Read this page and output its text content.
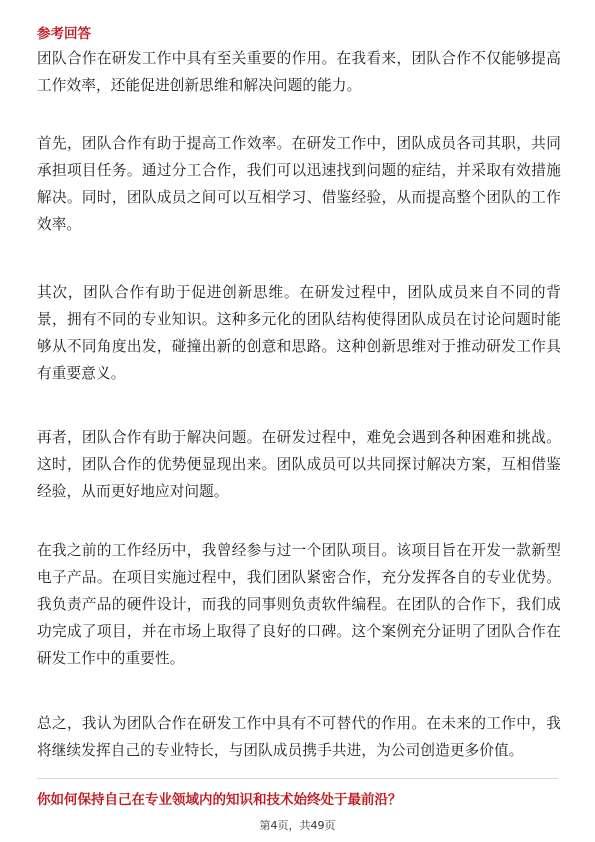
参考回答
团队合作在研发工作中具有至关重要的作用。在我看来，团队合作不仅能够提高工作效率，还能促进创新思维和解决问题的能力。
首先，团队合作有助于提高工作效率。在研发工作中，团队成员各司其职，共同承担项目任务。通过分工合作，我们可以迅速找到问题的症结，并采取有效措施解决。同时，团队成员之间可以互相学习、借鉴经验，从而提高整个团队的工作效率。
其次，团队合作有助于促进创新思维。在研发过程中，团队成员来自不同的背景，拥有不同的专业知识。这种多元化的团队结构使得团队成员在讨论问题时能够从不同角度出发，碰撞出新的创意和思路。这种创新思维对于推动研发工作具有重要意义。
再者，团队合作有助于解决问题。在研发过程中，难免会遇到各种困难和挑战。这时，团队合作的优势便显现出来。团队成员可以共同探讨解决方案，互相借鉴经验，从而更好地应对问题。
在我之前的工作经历中，我曾经参与过一个团队项目。该项目旨在开发一款新型电子产品。在项目实施过程中，我们团队紧密合作，充分发挥各自的专业优势。我负责产品的硬件设计，而我的同事则负责软件编程。在团队的合作下，我们成功完成了项目，并在市场上取得了良好的口碑。这个案例充分证明了团队合作在研发工作中的重要性。
总之，我认为团队合作在研发工作中具有不可替代的作用。在未来的工作中，我将继续发挥自己的专业特长，与团队成员携手共进，为公司创造更多价值。
你如何保持自己在专业领域内的知识和技术始终处于最前沿？
第4页，共49页
